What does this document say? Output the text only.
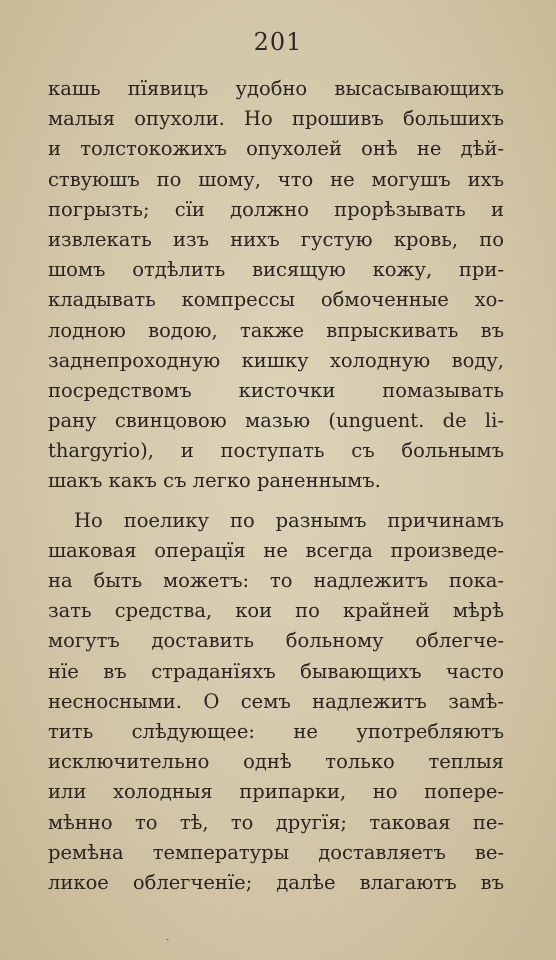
201
кашь пїявицъ удобно высасывающихъ
малыя опухоли. Но прошивъ большихъ
и толстокожихъ опухолей онѣ не дѣй-
ствуюшъ по шому, что не могушъ ихъ
погрызть; сїи должно прорѣзывать и
извлекать изъ нихъ густую кровь, по
шомъ отдѣлить висящую кожу, при-
кладывать компрессы обмоченные хо-
лодною водою, также впрыскивать въ
заднепроходную кишку холодную воду,
посредствомъ кисточки помазывать
рану свинцовою мазью (unguent. de li-
thargyrio), и поступать съ больнымъ
шакъ какъ съ легко раненнымъ.
Но поелику по разнымъ причинамъ
шаковая операцїя не всегда произведе-
на быть можетъ: то надлежитъ пока-
зать средства, кои по крайней мѣрѣ
могутъ доставить больному облегче-
нїе въ страданїяхъ бывающихъ часто
несносными. О семъ надлежитъ замѣ-
тить слѣдующее: не употребляютъ
исключительно однѣ только теплыя
или холодныя припарки, но попере-
мѣнно то тѣ, то другїя; таковая пе-
ремѣна температуры доставляетъ ве-
ликое облегченїе; далѣе влагаютъ въ
ˎ
